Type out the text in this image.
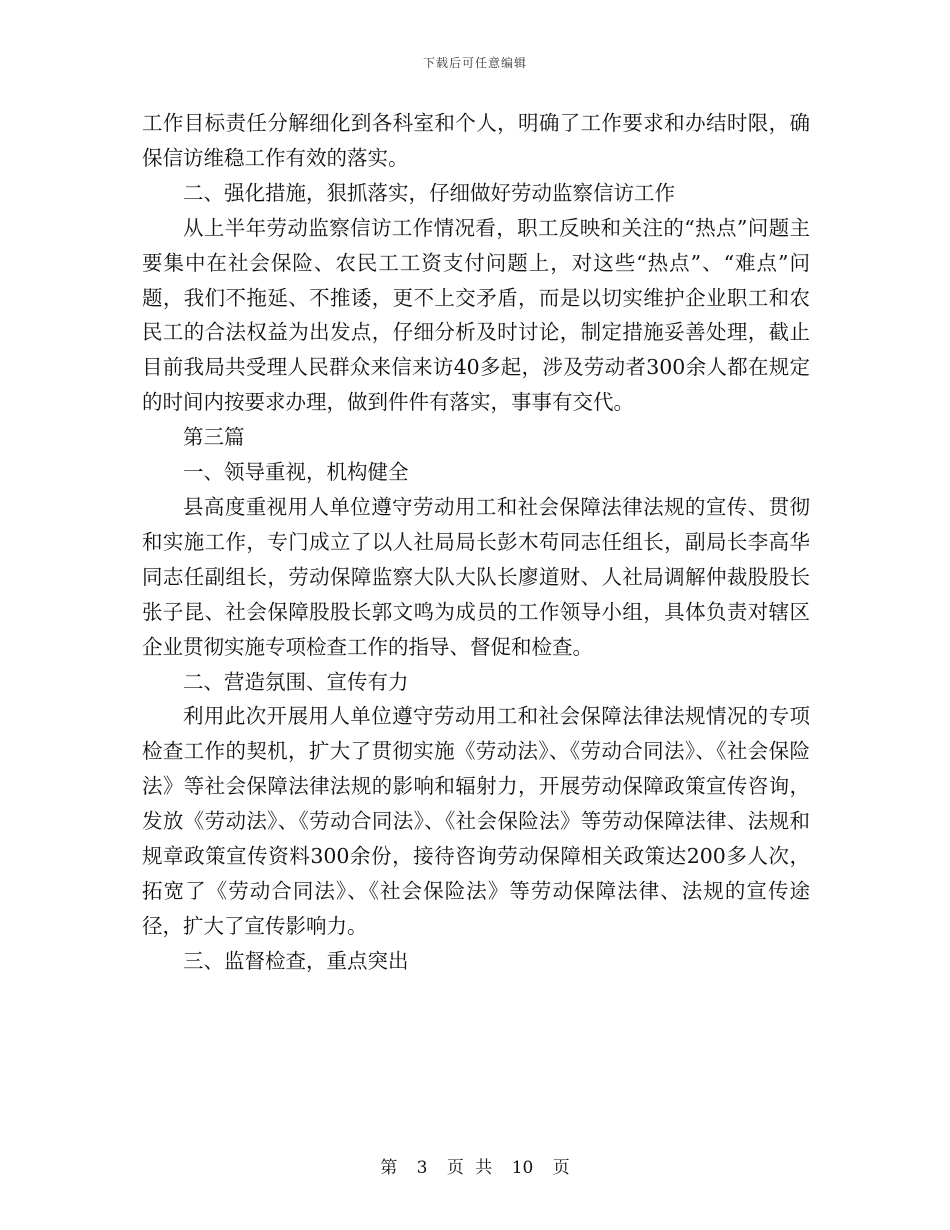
下载后可任意编辑

工作目标责任分解细化到各科室和个人，明确了工作要求和办结时限，确保信访维稳工作有效的落实。

二、强化措施，狠抓落实，仔细做好劳动监察信访工作

从上半年劳动监察信访工作情况看，职工反映和关注的“热点”问题主要集中在社会保险、农民工工资支付问题上，对这些“热点”、“难点”问题，我们不拖延、不推诿，更不上交矛盾，而是以切实维护企业职工和农民工的合法权益为出发点，仔细分析及时讨论，制定措施妥善处理，截止目前我局共受理人民群众来信来访40多起，涉及劳动者300余人都在规定的时间内按要求办理，做到件件有落实，事事有交代。

第三篇

一、领导重视，机构健全

县高度重视用人单位遵守劳动用工和社会保障法律法规的宣传、贯彻和实施工作，专门成立了以人社局局长彭木苟同志任组长，副局长李高华同志任副组长，劳动保障监察大队大队长廖道财、人社局调解仲裁股股长张子昆、社会保障股股长郭文鸣为成员的工作领导小组，具体负责对辖区企业贯彻实施专项检查工作的指导、督促和检查。

二、营造氛围、宣传有力

利用此次开展用人单位遵守劳动用工和社会保障法律法规情况的专项检查工作的契机，扩大了贯彻实施《劳动法》、《劳动合同法》、《社会保险法》等社会保障法律法规的影响和辐射力，开展劳动保障政策宣传咨询，发放《劳动法》、《劳动合同法》、《社会保险法》等劳动保障法律、法规和规章政策宣传资料300余份，接待咨询劳动保障相关政策达200多人次，拓宽了《劳动合同法》、《社会保险法》等劳动保障法律、法规的宣传途径，扩大了宣传影响力。

三、监督检查，重点突出

第 3 页 共 10 页
